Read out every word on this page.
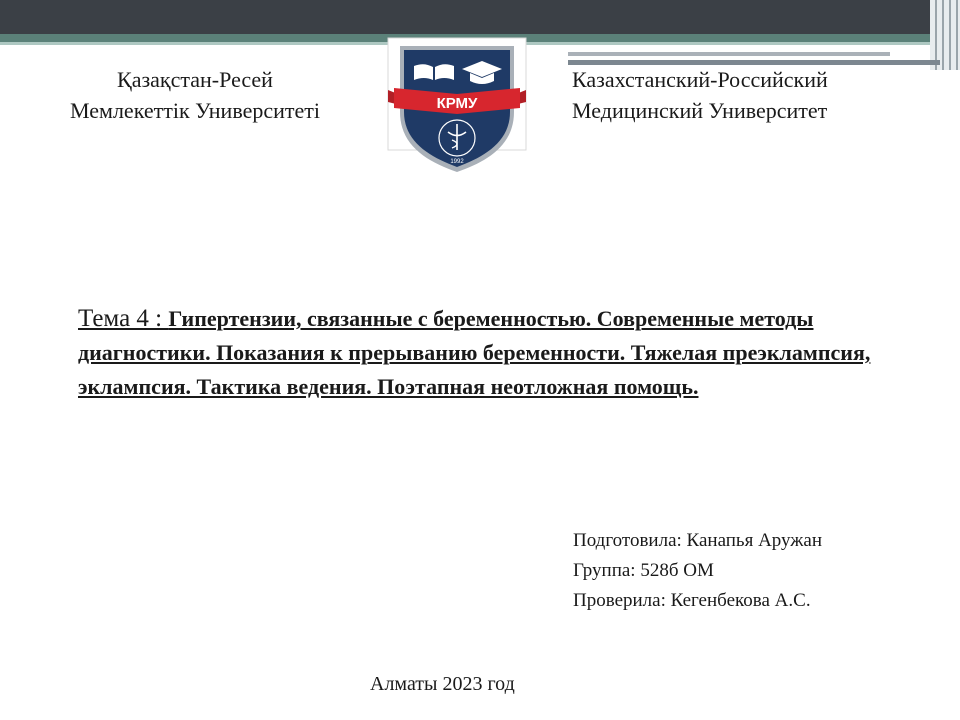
Қазақстан-Ресей
Мемлекеттік Университеті	КРМУ
1992
Казахстанский-Российский
Медицинский Университет
Тема 4 : Гипертензии, связанные с беременностью. Современные методы диагностики. Показания к прерыванию беременности. Тяжелая преэклампсия, эклампсия. Тактика ведения. Поэтапная неотложная помощь.
Подготовила: Канапья Аружан
Группа: 528б ОМ
Проверила: Кегенбекова А.С.
Алматы 2023 год
